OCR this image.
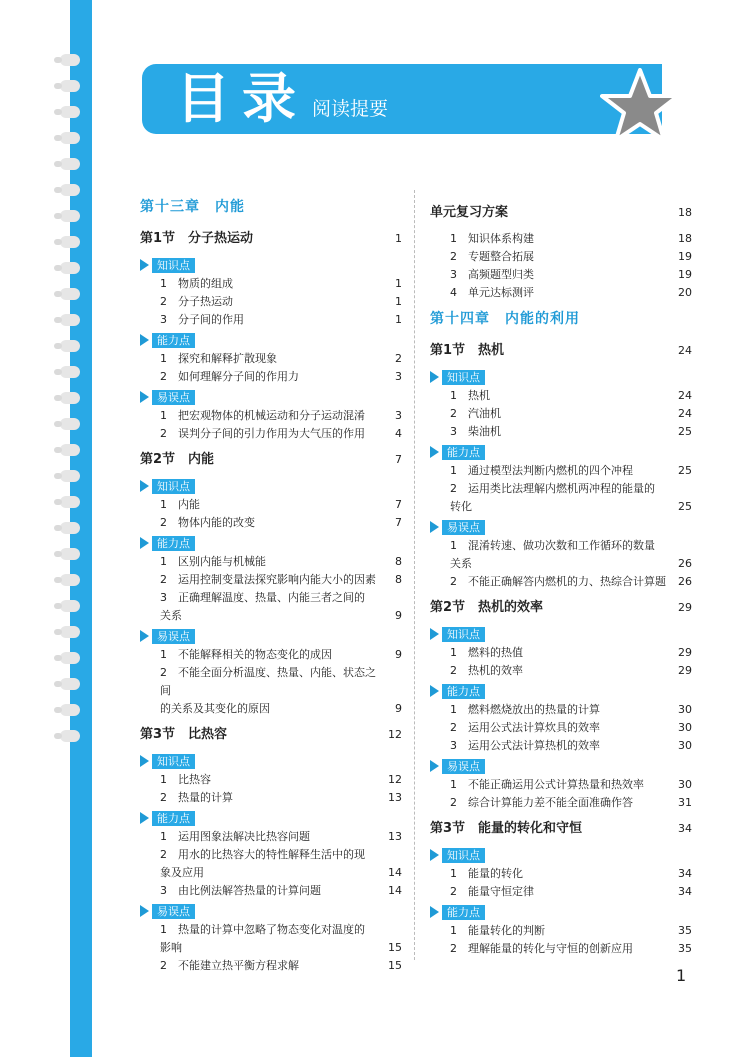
目录 阅读提要
第十三章　内能
第1节　分子热运动	1
知识点
1 物质的组成	1
2 分子热运动	1
3 分子间的作用	1
能力点
1 探究和解释扩散现象	2
2 如何理解分子间的作用力	3
易误点
1 把宏观物体的机械运动和分子运动混淆	3
2 误判分子间的引力作用为大气压的作用	4
第2节　内能	7
知识点
1 内能	7
2 物体内能的改变	7
能力点
1 区别内能与机械能	8
2 运用控制变量法探究影响内能大小的因素	8
3 正确理解温度、热量、内能三者之间的
关系	9
易误点
1 不能解释相关的物态变化的成因	9
2 不能全面分析温度、热量、内能、状态之间
的关系及其变化的原因	9
第3节　比热容	12
知识点
1 比热容	12
2 热量的计算	13
能力点
1 运用图象法解决比热容问题	13
2 用水的比热容大的特性解释生活中的现
象及应用	14
3 由比例法解答热量的计算问题	14
易误点
1 热量的计算中忽略了物态变化对温度的
影响	15
2 不能建立热平衡方程求解	15
单元复习方案	18
1 知识体系构建	18
2 专题整合拓展	19
3 高频题型归类	19
4 单元达标测评	20
第十四章　内能的利用
第1节　热机	24
知识点
1 热机	24
2 汽油机	24
3 柴油机	25
能力点
1 通过模型法判断内燃机的四个冲程	25
2 运用类比法理解内燃机两冲程的能量的
转化	25
易误点
1 混淆转速、做功次数和工作循环的数量
关系	26
2 不能正确解答内燃机的力、热综合计算题	26
第2节　热机的效率	29
知识点
1 燃料的热值	29
2 热机的效率	29
能力点
1 燃料燃烧放出的热量的计算	30
2 运用公式法计算炊具的效率	30
3 运用公式法计算热机的效率	30
易误点
1 不能正确运用公式计算热量和热效率	30
2 综合计算能力差不能全面准确作答	31
第3节　能量的转化和守恒	34
知识点
1 能量的转化	34
2 能量守恒定律	34
能力点
1 能量转化的判断	35
2 理解能量的转化与守恒的创新应用	35
1
